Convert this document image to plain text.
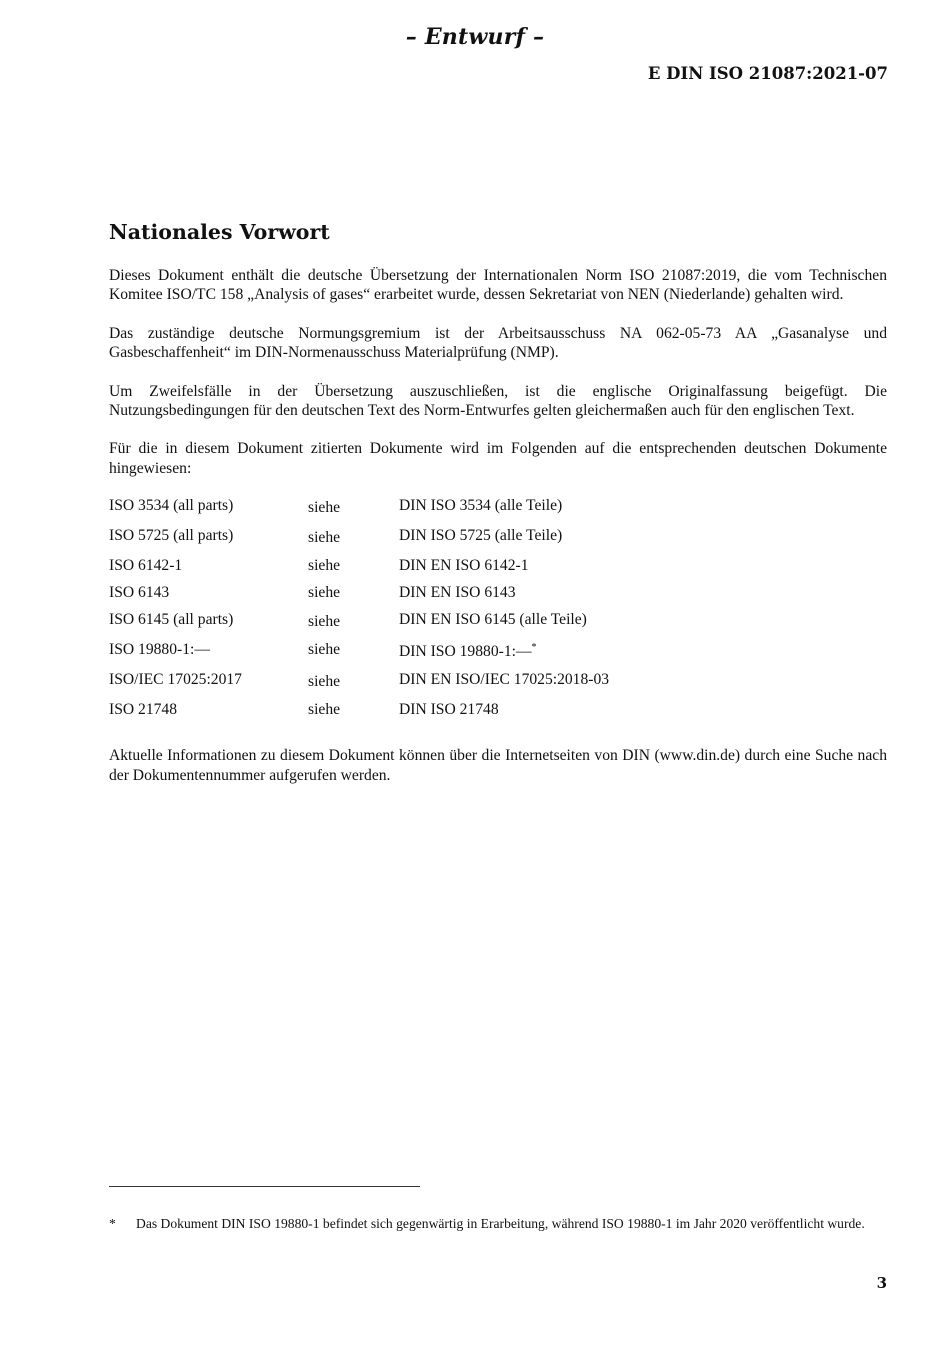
– Entwurf –
E DIN ISO 21087:2021-07
Nationales Vorwort

Dieses Dokument enthält die deutsche Übersetzung der Internationalen Norm ISO 21087:2019, die vom Technischen Komitee ISO/TC 158 „Analysis of gases“ erarbeitet wurde, dessen Sekretariat von NEN (Niederlande) gehalten wird.

Das zuständige deutsche Normungsgremium ist der Arbeitsausschuss NA 062-05-73 AA „Gasanalyse und Gasbeschaffenheit“ im DIN-Normenausschuss Materialprüfung (NMP).

Um Zweifelsfälle in der Übersetzung auszuschließen, ist die englische Originalfassung beigefügt. Die Nutzungsbedingungen für den deutschen Text des Norm-Entwurfes gelten gleichermaßen auch für den englischen Text.

Für die in diesem Dokument zitierten Dokumente wird im Folgenden auf die entsprechenden deutschen Dokumente hingewiesen:

ISO 3534 (all parts)	siehe	DIN ISO 3534 (alle Teile)
ISO 5725 (all parts)	siehe	DIN ISO 5725 (alle Teile)
ISO 6142-1	siehe	DIN EN ISO 6142-1
ISO 6143	siehe	DIN EN ISO 6143
ISO 6145 (all parts)	siehe	DIN EN ISO 6145 (alle Teile)
ISO 19880-1:—	siehe	DIN ISO 19880-1:—*
ISO/IEC 17025:2017	siehe	DIN EN ISO/IEC 17025:2018-03
ISO 21748	siehe	DIN ISO 21748

Aktuelle Informationen zu diesem Dokument können über die Internetseiten von DIN (www.din.de) durch eine Suche nach der Dokumentennummer aufgerufen werden.

*	Das Dokument DIN ISO 19880-1 befindet sich gegenwärtig in Erarbeitung, während ISO 19880-1 im Jahr 2020 veröffentlicht wurde.
3
